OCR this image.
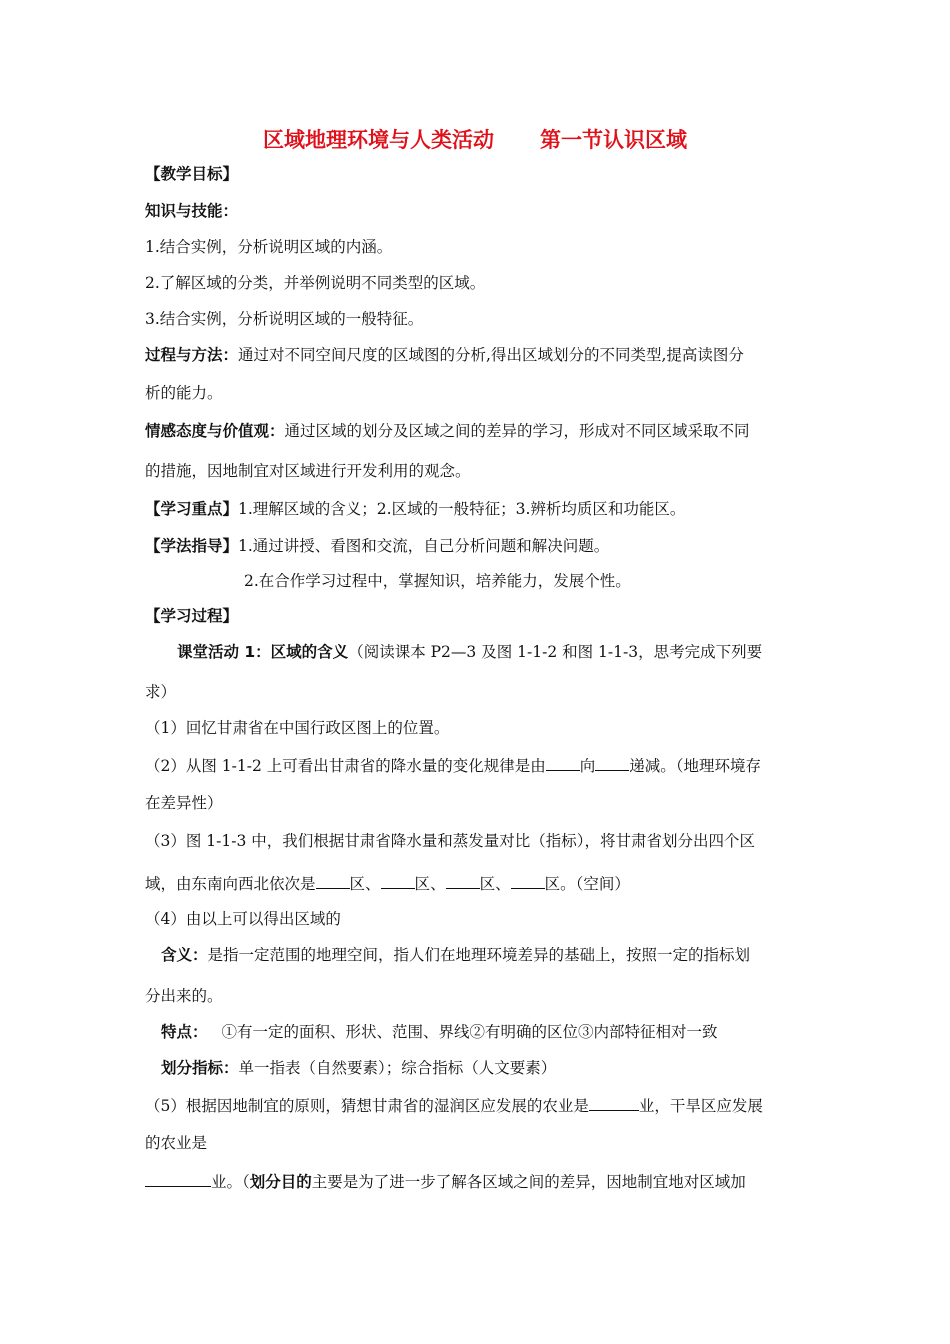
区域地理环境与人类活动 第一节认识区域
【教学目标】
知识与技能：
1.结合实例，分析说明区域的内涵。
2.了解区域的分类，并举例说明不同类型的区域。
3.结合实例，分析说明区域的一般特征。
过程与方法：通过对不同空间尺度的区域图的分析,得出区域划分的不同类型,提高读图分
析的能力。
情感态度与价值观：通过区域的划分及区域之间的差异的学习，形成对不同区域采取不同
的措施，因地制宜对区域进行开发利用的观念。
【学习重点】1.理解区域的含义；2.区域的一般特征；3.辨析均质区和功能区。
【学法指导】1.通过讲授、看图和交流，自己分析问题和解决问题。
2.在合作学习过程中，掌握知识，培养能力，发展个性。
【学习过程】
课堂活动 1：区域的含义（阅读课本 P2—3 及图 1-1-2 和图 1-1-3，思考完成下列要
求）
（1）回忆甘肃省在中国行政区图上的位置。
（2）从图 1-1-2 上可看出甘肃省的降水量的变化规律是由 向 递减。（地理环境存
在差异性）
（3）图 1-1-3 中，我们根据甘肃省降水量和蒸发量对比（指标），将甘肃省划分出四个区
域，由东南向西北依次是 区、 区、 区、 区。（空间）
（4）由以上可以得出区域的
含义：是指一定范围的地理空间，指人们在地理环境差异的基础上，按照一定的指标划
分出来的。
特点： ①有一定的面积、形状、范围、界线②有明确的区位③内部特征相对一致
划分指标：单一指表（自然要素）；综合指标（人文要素）
（5）根据因地制宜的原则，猜想甘肃省的湿润区应发展的农业是	业，干旱区应发展
的农业是
业。（划分目的主要是为了进一步了解各区域之间的差异，因地制宜地对区域加
